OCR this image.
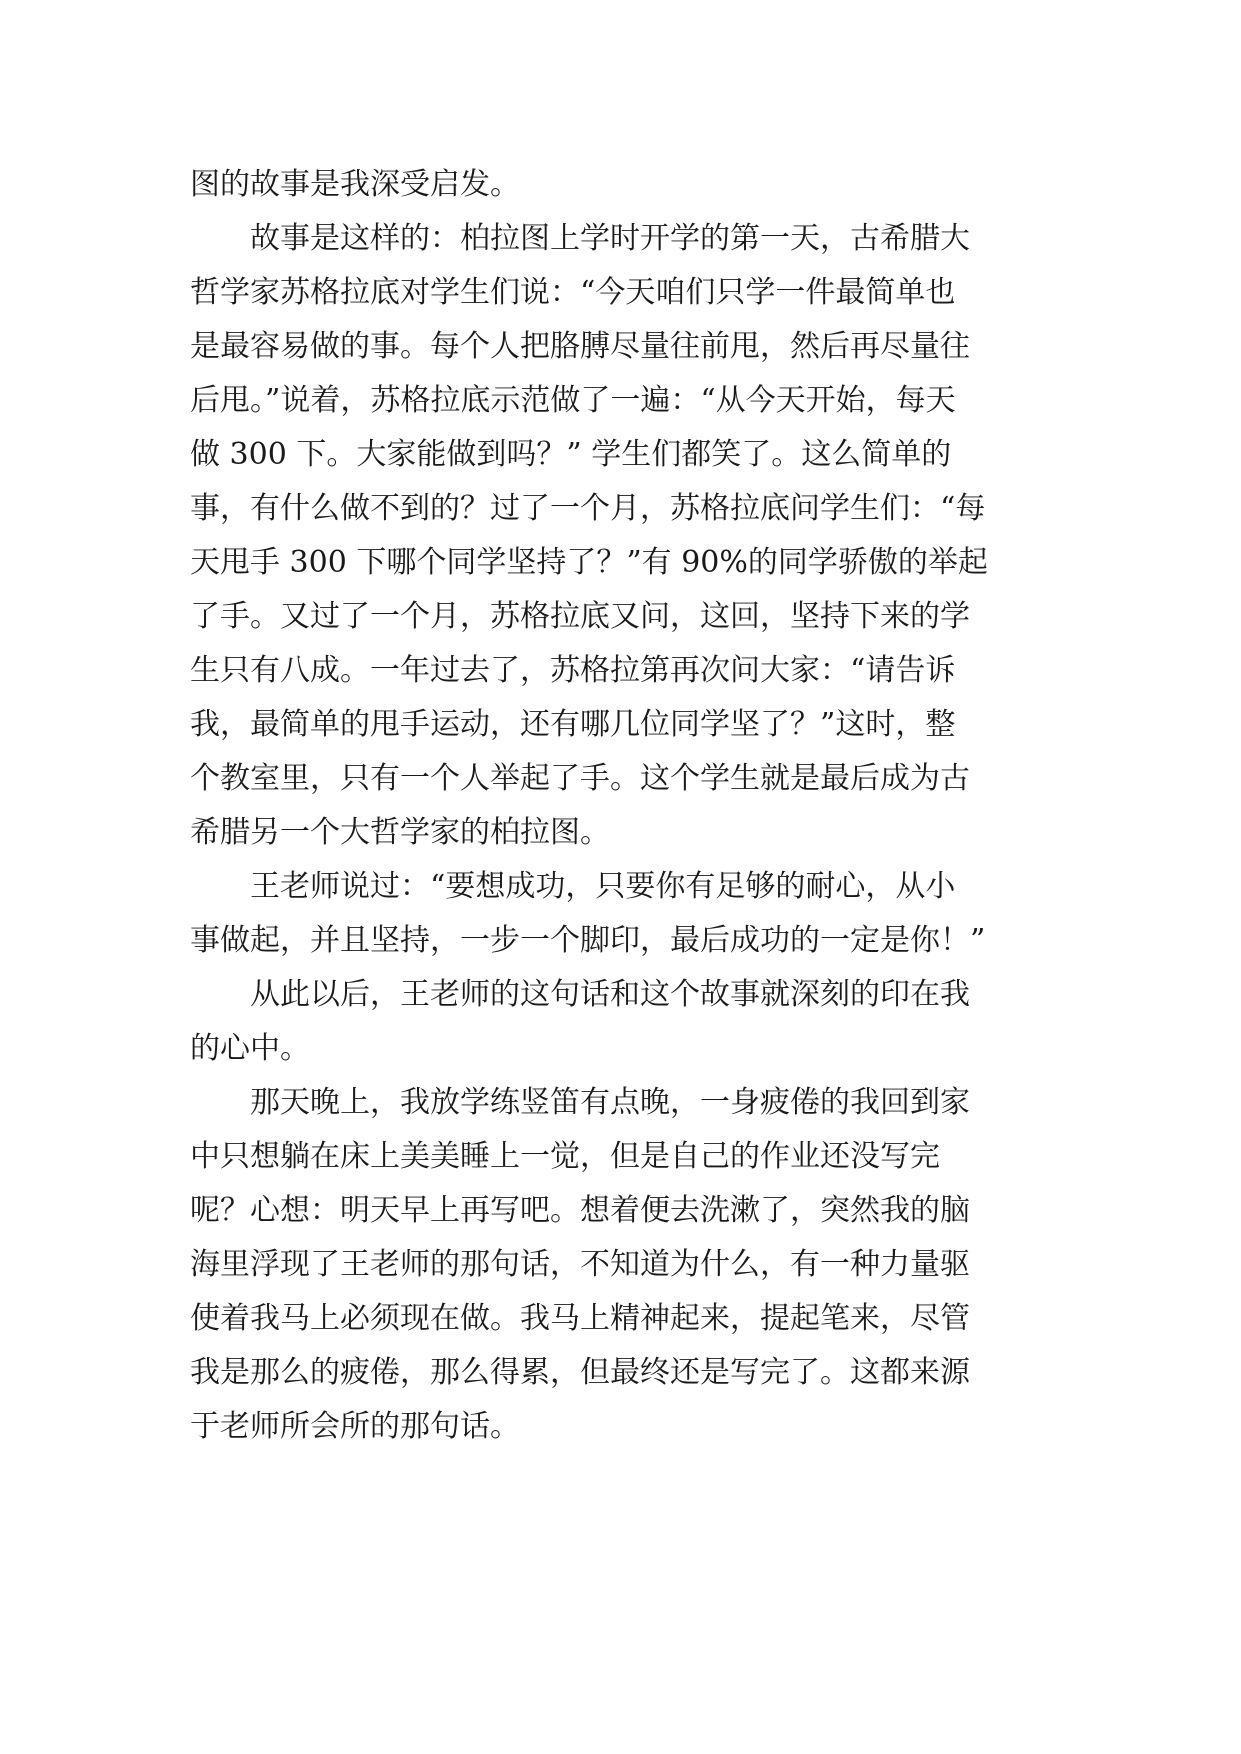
图的故事是我深受启发。
故事是这样的：柏拉图上学时开学的第一天，古希腊大
哲学家苏格拉底对学生们说：“今天咱们只学一件最简单也
是最容易做的事。每个人把胳膊尽量往前甩，然后再尽量往
后甩。”说着，苏格拉底示范做了一遍：“从今天开始，每天
做 300 下。大家能做到吗？” 学生们都笑了。这么简单的
事，有什么做不到的？过了一个月，苏格拉底问学生们：“每
天甩手 300 下哪个同学坚持了？”有 90%的同学骄傲的举起
了手。又过了一个月，苏格拉底又问，这回，坚持下来的学
生只有八成。一年过去了，苏格拉第再次问大家：“请告诉
我，最简单的甩手运动，还有哪几位同学坚了？”这时，整
个教室里，只有一个人举起了手。这个学生就是最后成为古
希腊另一个大哲学家的柏拉图。
王老师说过：“要想成功，只要你有足够的耐心，从小
事做起，并且坚持，一步一个脚印，最后成功的一定是你！”
从此以后，王老师的这句话和这个故事就深刻的印在我
的心中。
那天晚上，我放学练竖笛有点晚，一身疲倦的我回到家
中只想躺在床上美美睡上一觉，但是自己的作业还没写完
呢？心想：明天早上再写吧。想着便去洗漱了，突然我的脑
海里浮现了王老师的那句话，不知道为什么，有一种力量驱
使着我马上必须现在做。我马上精神起来，提起笔来，尽管
我是那么的疲倦，那么得累，但最终还是写完了。这都来源
于老师所会所的那句话。
